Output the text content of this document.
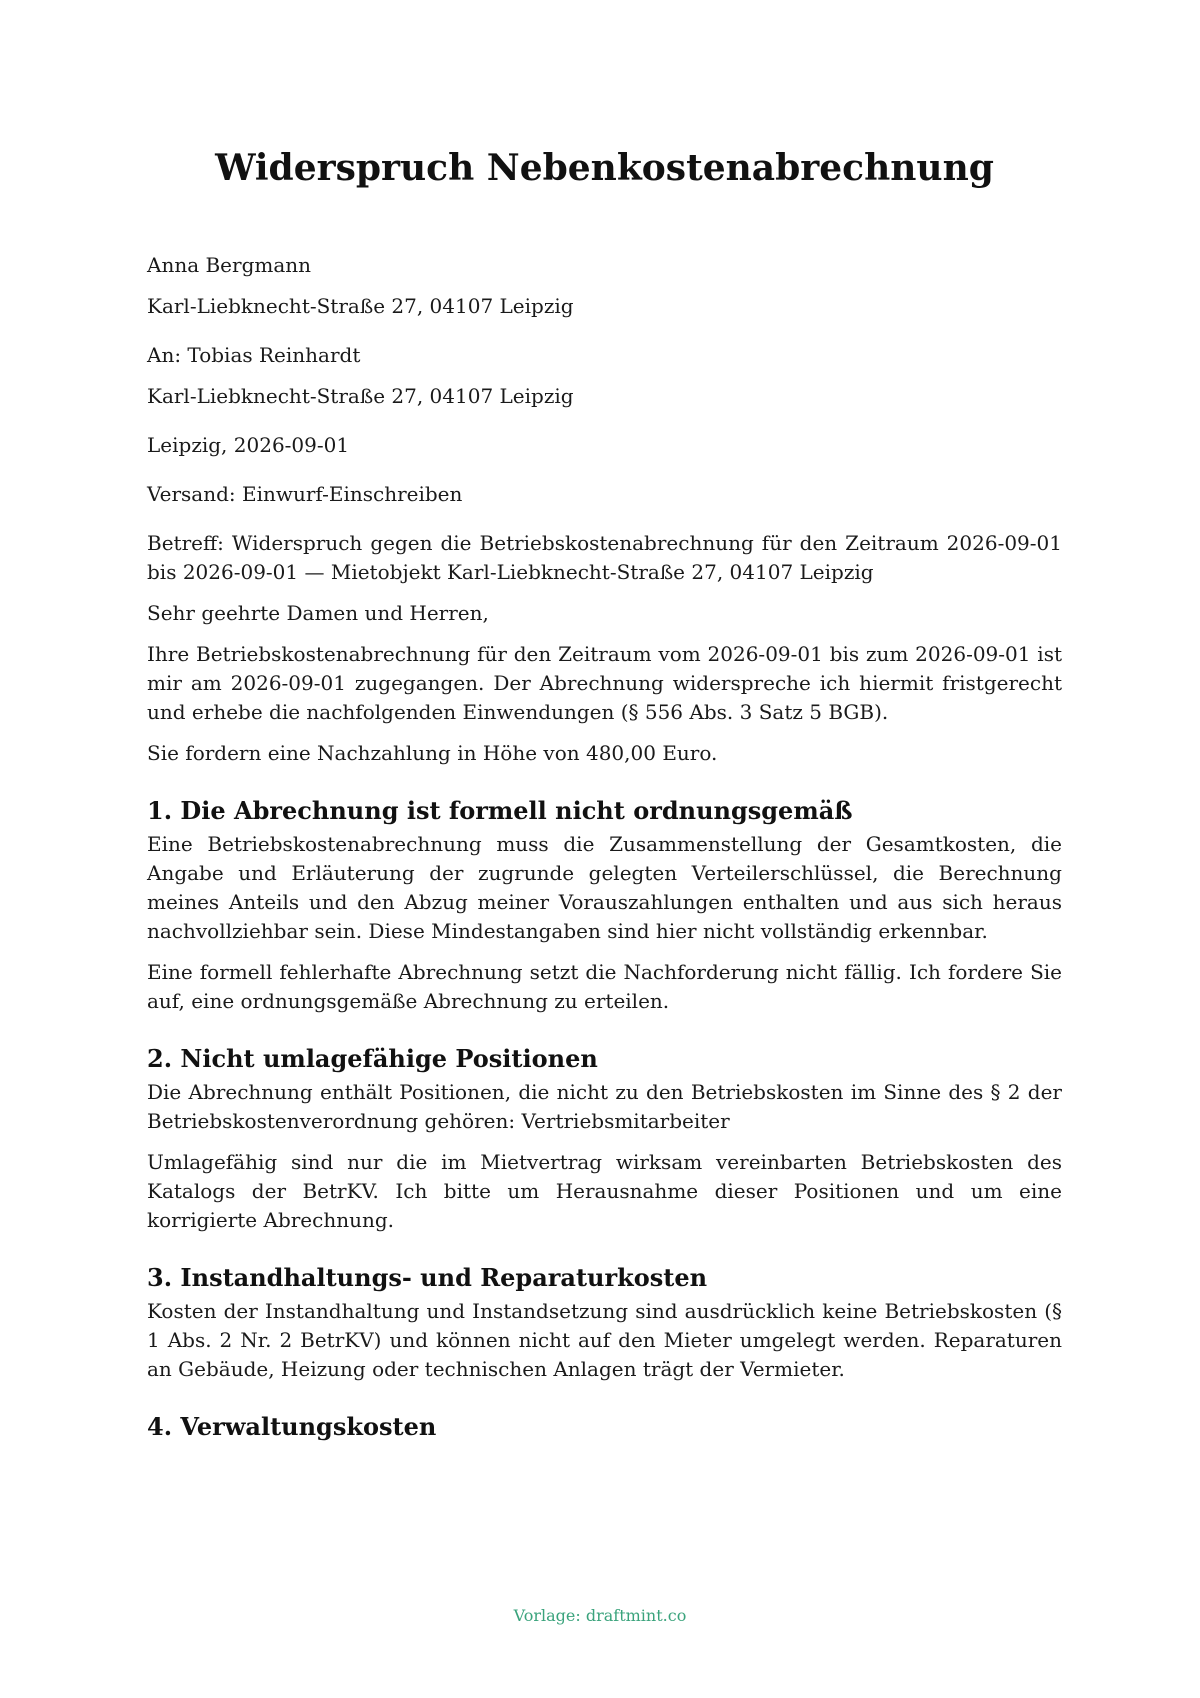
Widerspruch Nebenkostenabrechnung
Anna Bergmann
Karl-Liebknecht-Straße 27, 04107 Leipzig
An: Tobias Reinhardt
Karl-Liebknecht-Straße 27, 04107 Leipzig
Leipzig, 2026-09-01
Versand: Einwurf-Einschreiben

Betreff: Widerspruch gegen die Betriebskostenabrechnung für den Zeitraum 2026-09-01 bis 2026-09-01 — Mietobjekt Karl-Liebknecht-Straße 27, 04107 Leipzig

Sehr geehrte Damen und Herren,

Ihre Betriebskostenabrechnung für den Zeitraum vom 2026-09-01 bis zum 2026-09-01 ist mir am 2026-09-01 zugegangen. Der Abrechnung widerspreche ich hiermit fristgerecht und erhebe die nachfolgenden Einwendungen (§ 556 Abs. 3 Satz 5 BGB).

Sie fordern eine Nachzahlung in Höhe von 480,00 Euro.

1. Die Abrechnung ist formell nicht ordnungsgemäß

Eine Betriebskostenabrechnung muss die Zusammenstellung der Gesamtkosten, die Angabe und Erläuterung der zugrunde gelegten Verteilerschlüssel, die Berechnung meines Anteils und den Abzug meiner Vorauszahlungen enthalten und aus sich heraus nachvollziehbar sein. Diese Mindestangaben sind hier nicht vollständig erkennbar.

Eine formell fehlerhafte Abrechnung setzt die Nachforderung nicht fällig. Ich fordere Sie auf, eine ordnungsgemäße Abrechnung zu erteilen.

2. Nicht umlagefähige Positionen

Die Abrechnung enthält Positionen, die nicht zu den Betriebskosten im Sinne des § 2 der Betriebskostenverordnung gehören: Vertriebsmitarbeiter

Umlagefähig sind nur die im Mietvertrag wirksam vereinbarten Betriebskosten des Katalogs der BetrKV. Ich bitte um Herausnahme dieser Positionen und um eine korrigierte Abrechnung.

3. Instandhaltungs- und Reparaturkosten

Kosten der Instandhaltung und Instandsetzung sind ausdrücklich keine Betriebskosten (§ 1 Abs. 2 Nr. 2 BetrKV) und können nicht auf den Mieter umgelegt werden. Reparaturen an Gebäude, Heizung oder technischen Anlagen trägt der Vermieter.

4. Verwaltungskosten
Vorlage: draftmint.co
